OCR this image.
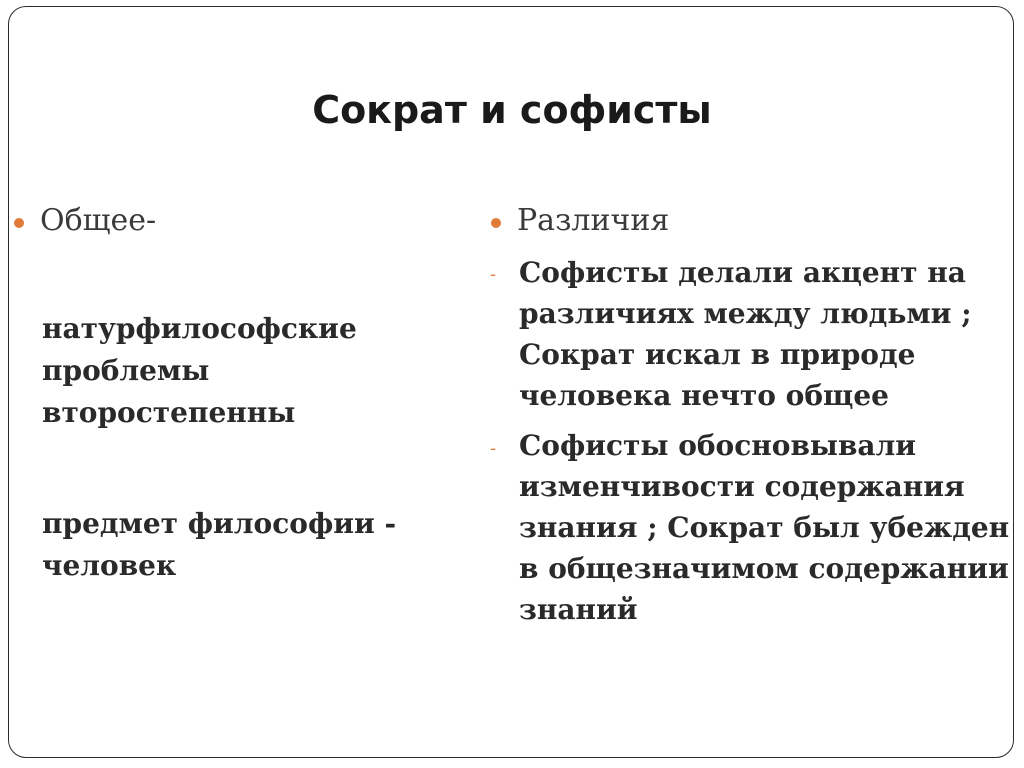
Сократ и софисты
Общее-
натурфилософские
проблемы
второстепенны
предмет философии -
человек
Различия
- Софисты делали акцент на
различиях между людьми ;
Сократ искал в природе
человека нечто общее
- Софисты обосновывали
изменчивости содержания
знания ; Сократ был убежден
в общезначимом содержании
знаний
